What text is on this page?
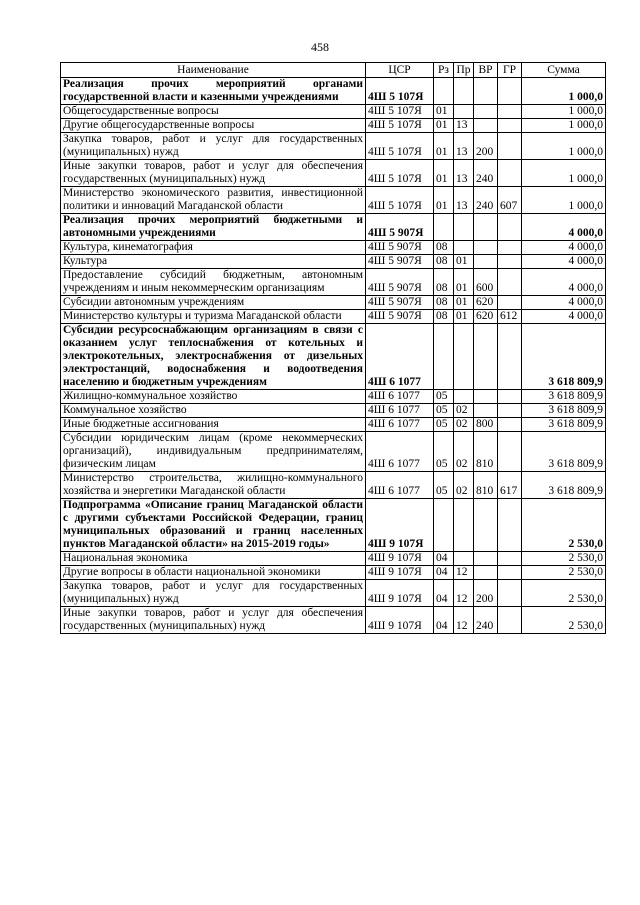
458
Наименование	ЦСР	Рз	Пр	ВР	ГР	Сумма
Реализация прочих мероприятий органами государственной власти и казенными учреждениями	4Ш 5 107Я					1 000,0
Общегосударственные вопросы	4Ш 5 107Я	01				1 000,0
Другие общегосударственные вопросы	4Ш 5 107Я	01	13			1 000,0
Закупка товаров, работ и услуг для государственных (муниципальных) нужд	4Ш 5 107Я	01	13	200		1 000,0
Иные закупки товаров, работ и услуг для обеспечения государственных (муниципальных) нужд	4Ш 5 107Я	01	13	240		1 000,0
Министерство экономического развития, инвестиционной политики и инноваций Магаданской области	4Ш 5 107Я	01	13	240	607	1 000,0
Реализация прочих мероприятий бюджетными и автономными учреждениями	4Ш 5 907Я					4 000,0
Культура, кинематография	4Ш 5 907Я	08				4 000,0
Культура	4Ш 5 907Я	08	01			4 000,0
Предоставление субсидий бюджетным, автономным учреждениям и иным некоммерческим организациям	4Ш 5 907Я	08	01	600		4 000,0
Субсидии автономным учреждениям	4Ш 5 907Я	08	01	620		4 000,0
Министерство культуры и туризма Магаданской области	4Ш 5 907Я	08	01	620	612	4 000,0
Субсидии ресурсоснабжающим организациям в связи с оказанием услуг теплоснабжения от котельных и электрокотельных, электроснабжения от дизельных электростанций, водоснабжения и водоотведения населению и бюджетным учреждениям	4Ш 6 1077					3 618 809,9
Жилищно-коммунальное хозяйство	4Ш 6 1077	05				3 618 809,9
Коммунальное хозяйство	4Ш 6 1077	05	02			3 618 809,9
Иные бюджетные ассигнования	4Ш 6 1077	05	02	800		3 618 809,9
Субсидии юридическим лицам (кроме некоммерческих организаций), индивидуальным предпринимателям, физическим лицам	4Ш 6 1077	05	02	810		3 618 809,9
Министерство строительства, жилищно-коммунального хозяйства и энергетики Магаданской области	4Ш 6 1077	05	02	810	617	3 618 809,9
Подпрограмма «Описание границ Магаданской области с другими субъектами Российской Федерации, границ муниципальных образований и границ населенных пунктов Магаданской области» на 2015-2019 годы»	4Ш 9 107Я					2 530,0
Национальная экономика	4Ш 9 107Я	04				2 530,0
Другие вопросы в области национальной экономики	4Ш 9 107Я	04	12			2 530,0
Закупка товаров, работ и услуг для государственных (муниципальных) нужд	4Ш 9 107Я	04	12	200		2 530,0
Иные закупки товаров, работ и услуг для обеспечения государственных (муниципальных) нужд	4Ш 9 107Я	04	12	240		2 530,0
